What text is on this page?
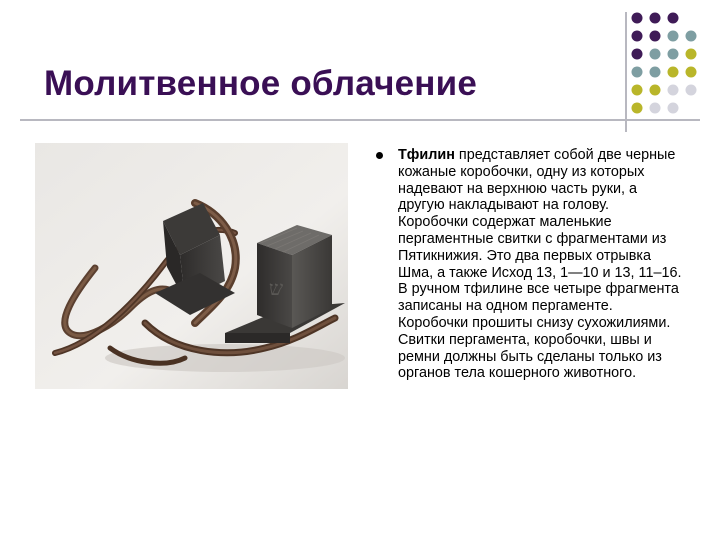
Молитвенное облачение
ש

Тфилин представляет собой две черные кожаные коробочки, одну из которых надевают на верхнюю часть руки, а другую накладывают на голову. Коробочки содержат маленькие пергаментные свитки с фрагментами из Пятикнижия. Это два первых отрывка Шма, а также Исход 13, 1—10 и 13, 11–16. В ручном тфилине все четыре фрагмента записаны на одном пергаменте. Коробочки прошиты снизу сухожилиями. Свитки пергамента, коробочки, швы и ремни должны быть сделаны только из органов тела кошерного животного.
